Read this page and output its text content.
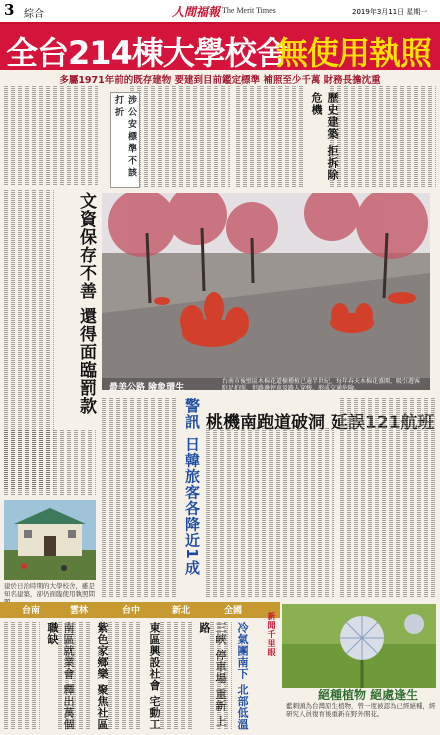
3 綜合	人間福報 The Merit Times	2019年3月11日 星期一
全台214棟大學校舍
無使用執照
多屬1971年前的既存建物 要建到目前鑑定標準 補照至少千萬 財務長擔沈重
涉 公 安 標 準 不 該 打 折	歷史建築 拒拆除危機
文資保存不善 還得面臨罰款	最美公路 險象環生
台南市後壁區木棉花道樹種植已逾半世紀，每年春天木棉花盛開，吸引遊客駐足拍照，但路邊停車及路人穿梭，形成交通危險。
警訊 日韓旅客各降近1成 桃機南跑道破洞 延誤121航班
建於日治時期的大學校舍，雖是知名建築，卻仍面臨使用執照問
台南	雲林	台中	新北	全國
南區就業會 釋出萬個職缺	紫色家鄉樂 聚焦社區	東區興設社會 宅動工	三峽 停車場 重新 上路	冷氣團南下 北部低溫 新聞千里眼
絕種植物 絕處逢生
藍刺頭為台灣原生植物，曾一度被認為已經絕種，經研究人員復育後重新在野外開花。
